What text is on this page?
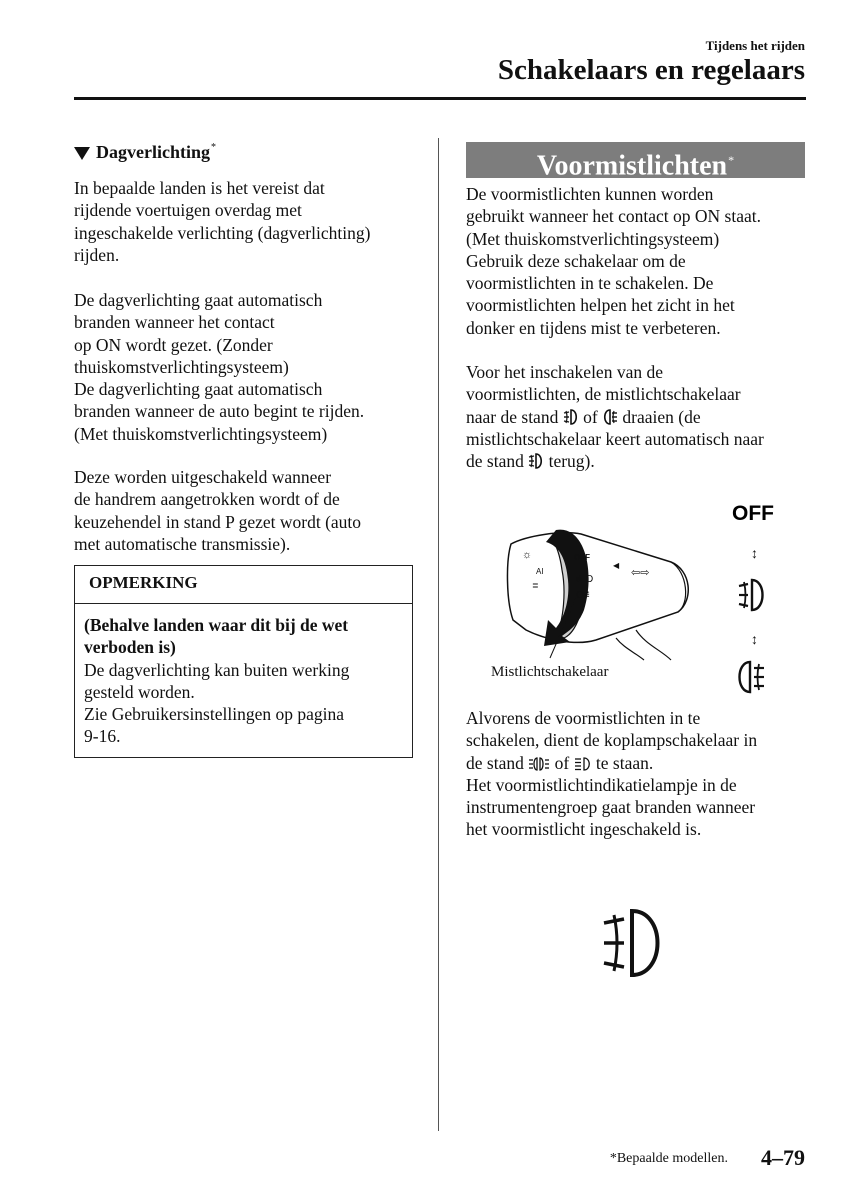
Tijdens het rijden
Schakelaars en regelaars
Dagverlichting *
In bepaalde landen is het vereist dat
rijdende voertuigen overdag met
ingeschakelde verlichting (dagverlichting)
rijden.
De dagverlichting gaat automatisch
branden wanneer het contact
op ON wordt gezet. (Zonder
thuiskomstverlichtingsysteem)
De dagverlichting gaat automatisch
branden wanneer de auto begint te rijden.
(Met thuiskomstverlichtingsysteem)
Deze worden uitgeschakeld wanneer
de handrem aangetrokken wordt of de
keuzehendel in stand P gezet wordt (auto
met automatische transmissie).
OPMERKING
(Behalve landen waar dit bij de wet
verboden is)
De dagverlichting kan buiten werking
gesteld worden.
Zie Gebruikersinstellingen op pagina
9-16.
Voormistlichten*
De voormistlichten kunnen worden
gebruikt wanneer het contact op ON staat.
(Met thuiskomstverlichtingsysteem)
Gebruik deze schakelaar om de
voormistlichten in te schakelen. De
voormistlichten helpen het zicht in het
donker en tijdens mist te verbeteren.
Voor het inschakelen van de
voormistlichten, de mistlichtschakelaar
naar de stand of draaien (de
mistlichtschakelaar keert automatisch naar
de stand terug).
OFF
≢D
O≢
⇦⇨
◀
☼
AI
≣
OFF
↕
↕
Mistlichtschakelaar
Alvorens de voormistlichten in te
schakelen, dient de koplampschakelaar in
de stand of te staan.
Het voormistlichtindikatielampje in de
instrumentengroep gaat branden wanneer
het voormistlicht ingeschakeld is.
*Bepaalde modellen. 4–79
